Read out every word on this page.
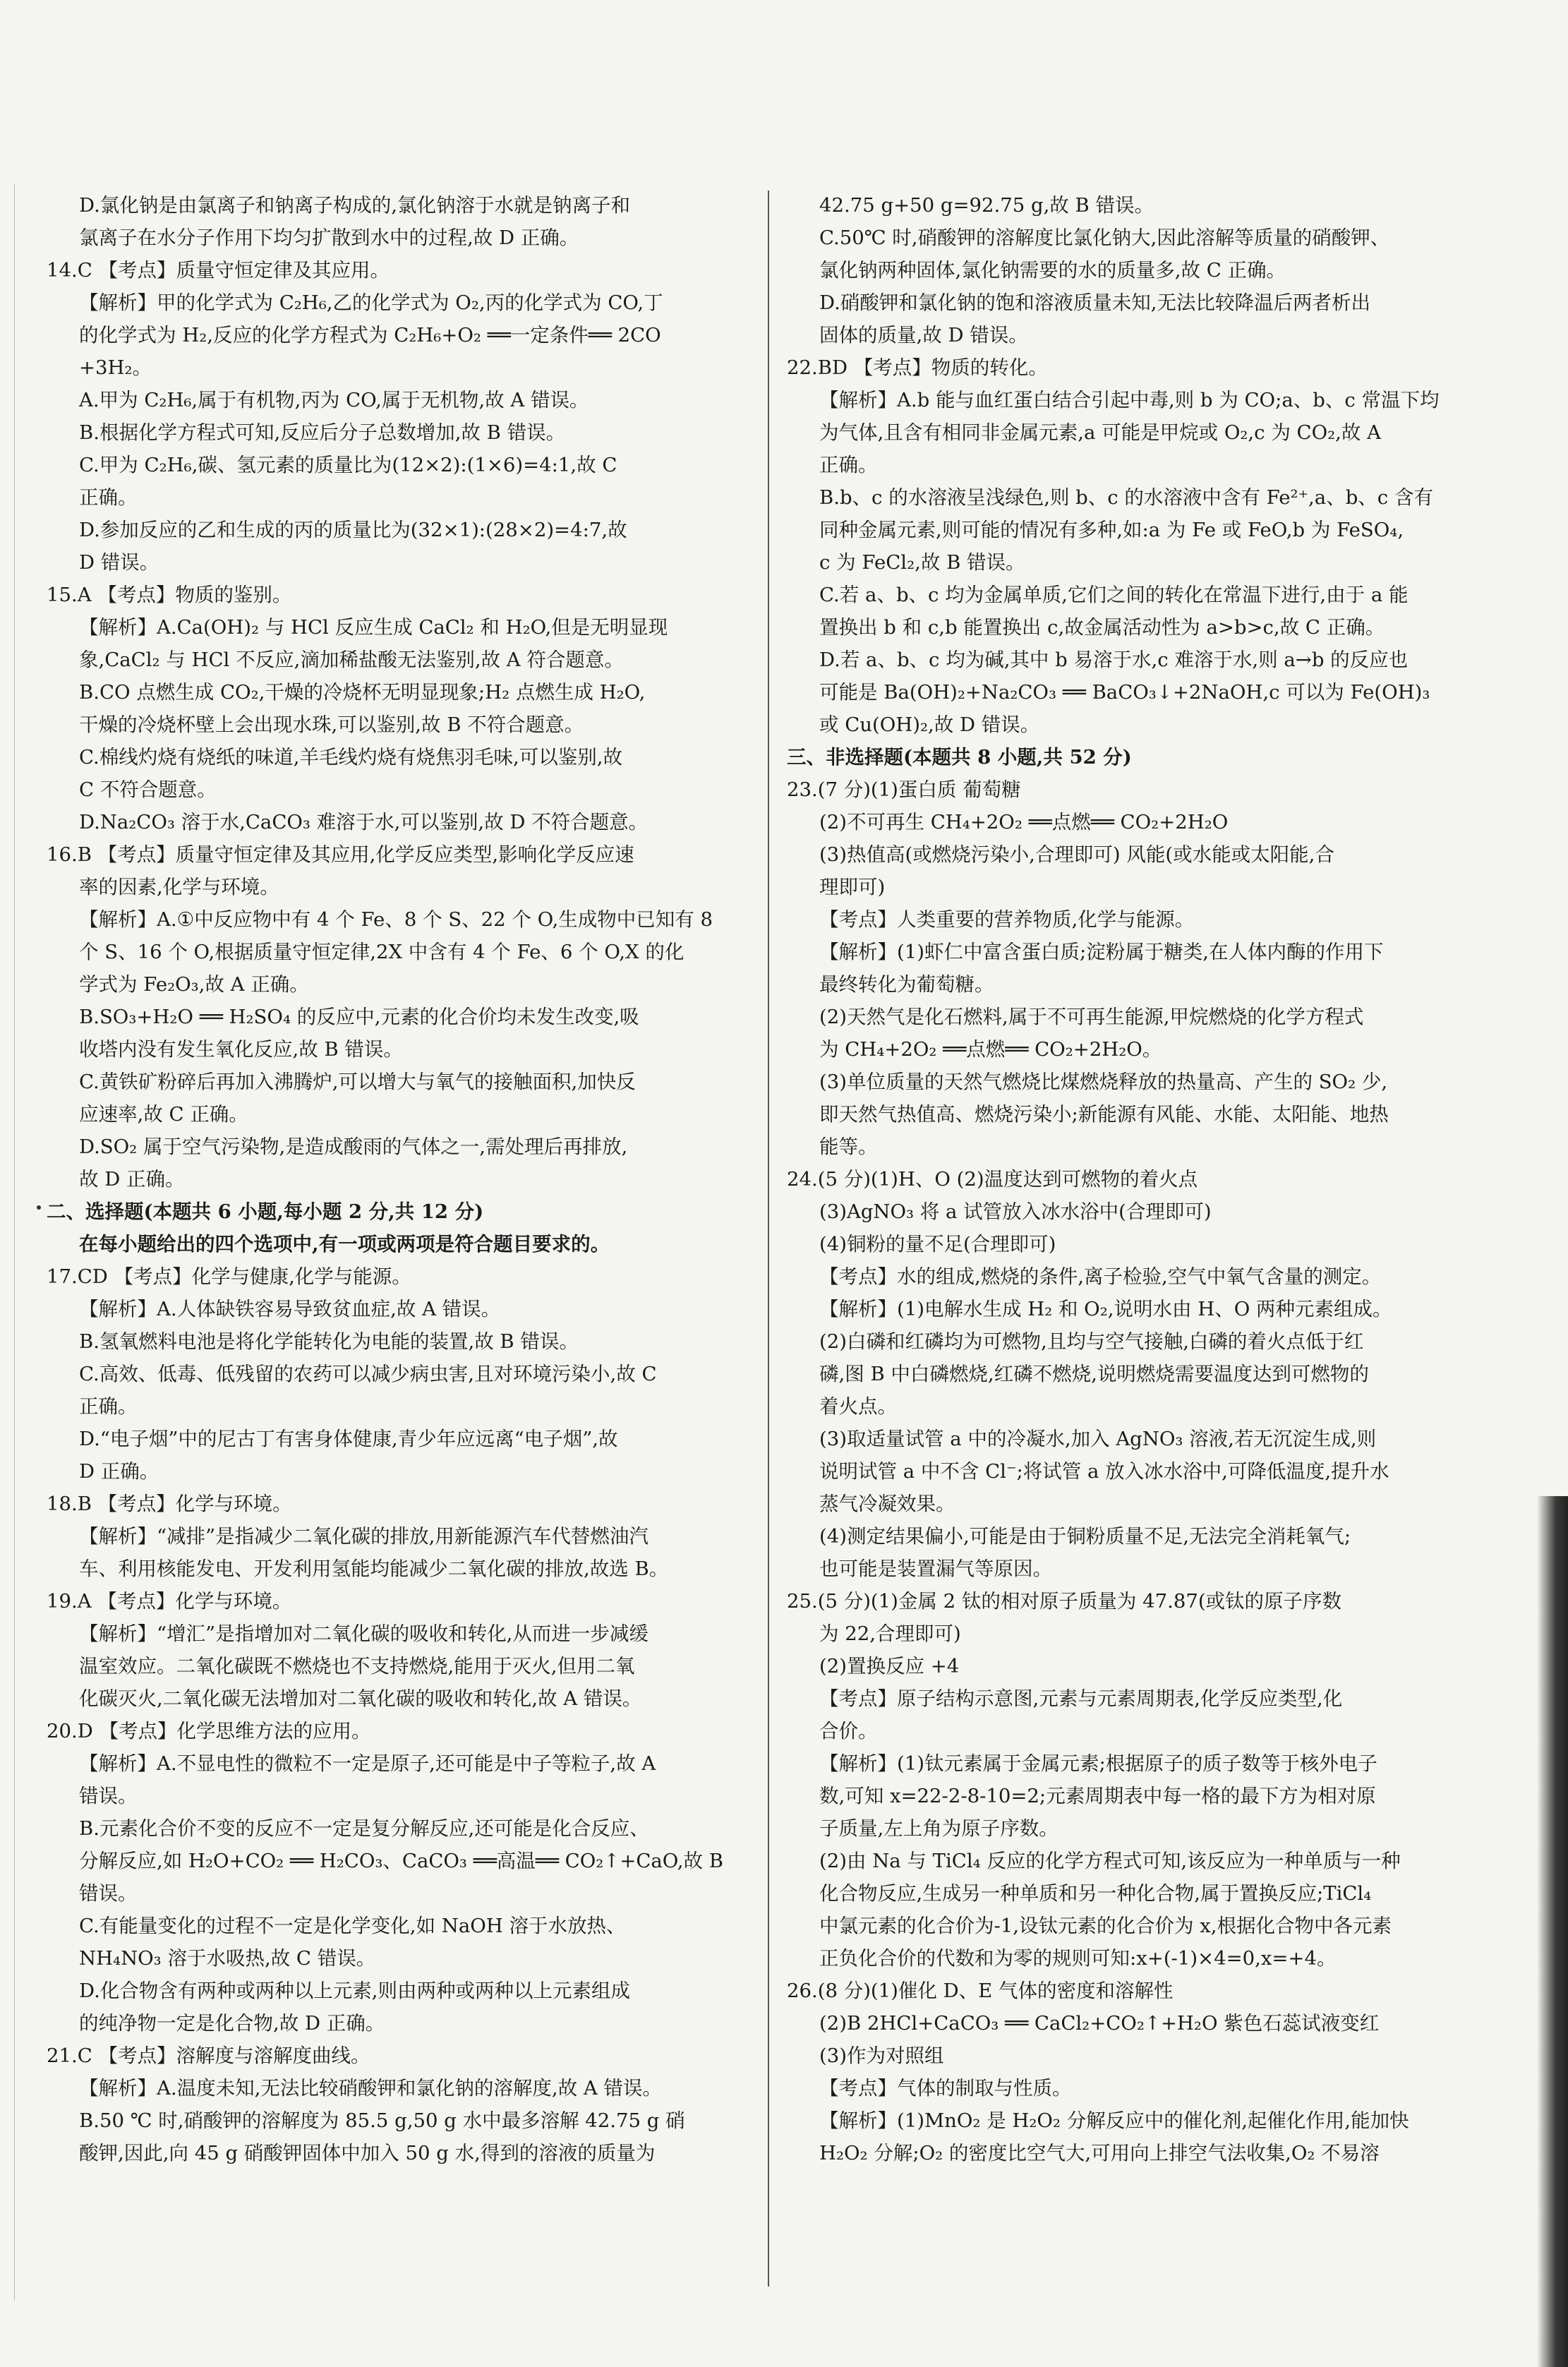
D.氯化钠是由氯离子和钠离子构成的,氯化钠溶于水就是钠离子和

氯离子在水分子作用下均匀扩散到水中的过程,故 D 正确。

14.C 【考点】质量守恒定律及其应用。

【解析】甲的化学式为 C₂H₆,乙的化学式为 O₂,丙的化学式为 CO,丁

的化学式为 H₂,反应的化学方程式为 C₂H₆+O₂ ══一定条件══ 2CO

+3H₂。

A.甲为 C₂H₆,属于有机物,丙为 CO,属于无机物,故 A 错误。

B.根据化学方程式可知,反应后分子总数增加,故 B 错误。

C.甲为 C₂H₆,碳、氢元素的质量比为(12×2):(1×6)=4:1,故 C

正确。

D.参加反应的乙和生成的丙的质量比为(32×1):(28×2)=4:7,故

D 错误。

15.A 【考点】物质的鉴别。

【解析】A.Ca(OH)₂ 与 HCl 反应生成 CaCl₂ 和 H₂O,但是无明显现

象,CaCl₂ 与 HCl 不反应,滴加稀盐酸无法鉴别,故 A 符合题意。

B.CO 点燃生成 CO₂,干燥的冷烧杯无明显现象;H₂ 点燃生成 H₂O,

干燥的冷烧杯壁上会出现水珠,可以鉴别,故 B 不符合题意。

C.棉线灼烧有烧纸的味道,羊毛线灼烧有烧焦羽毛味,可以鉴别,故

C 不符合题意。

D.Na₂CO₃ 溶于水,CaCO₃ 难溶于水,可以鉴别,故 D 不符合题意。

16.B 【考点】质量守恒定律及其应用,化学反应类型,影响化学反应速

率的因素,化学与环境。

【解析】A.①中反应物中有 4 个 Fe、8 个 S、22 个 O,生成物中已知有 8

个 S、16 个 O,根据质量守恒定律,2X 中含有 4 个 Fe、6 个 O,X 的化

学式为 Fe₂O₃,故 A 正确。

B.SO₃+H₂O ══ H₂SO₄ 的反应中,元素的化合价均未发生改变,吸

收塔内没有发生氧化反应,故 B 错误。

C.黄铁矿粉碎后再加入沸腾炉,可以增大与氧气的接触面积,加快反

应速率,故 C 正确。

D.SO₂ 属于空气污染物,是造成酸雨的气体之一,需处理后再排放,

故 D 正确。

二、选择题(本题共 6 小题,每小题 2 分,共 12 分)

在每小题给出的四个选项中,有一项或两项是符合题目要求的。

17.CD 【考点】化学与健康,化学与能源。

【解析】A.人体缺铁容易导致贫血症,故 A 错误。

B.氢氧燃料电池是将化学能转化为电能的装置,故 B 错误。

C.高效、低毒、低残留的农药可以减少病虫害,且对环境污染小,故 C

正确。

D.“电子烟”中的尼古丁有害身体健康,青少年应远离“电子烟”,故

D 正确。

18.B 【考点】化学与环境。

【解析】“减排”是指减少二氧化碳的排放,用新能源汽车代替燃油汽

车、利用核能发电、开发利用氢能均能减少二氧化碳的排放,故选 B。

19.A 【考点】化学与环境。

【解析】“增汇”是指增加对二氧化碳的吸收和转化,从而进一步减缓

温室效应。二氧化碳既不燃烧也不支持燃烧,能用于灭火,但用二氧

化碳灭火,二氧化碳无法增加对二氧化碳的吸收和转化,故 A 错误。

20.D 【考点】化学思维方法的应用。

【解析】A.不显电性的微粒不一定是原子,还可能是中子等粒子,故 A

错误。

B.元素化合价不变的反应不一定是复分解反应,还可能是化合反应、

分解反应,如 H₂O+CO₂ ══ H₂CO₃、CaCO₃ ══高温══ CO₂↑+CaO,故 B

错误。

C.有能量变化的过程不一定是化学变化,如 NaOH 溶于水放热、

NH₄NO₃ 溶于水吸热,故 C 错误。

D.化合物含有两种或两种以上元素,则由两种或两种以上元素组成

的纯净物一定是化合物,故 D 正确。

21.C 【考点】溶解度与溶解度曲线。

【解析】A.温度未知,无法比较硝酸钾和氯化钠的溶解度,故 A 错误。

B.50 ℃ 时,硝酸钾的溶解度为 85.5 g,50 g 水中最多溶解 42.75 g 硝

酸钾,因此,向 45 g 硝酸钾固体中加入 50 g 水,得到的溶液的质量为

42.75 g+50 g=92.75 g,故 B 错误。

C.50℃ 时,硝酸钾的溶解度比氯化钠大,因此溶解等质量的硝酸钾、

氯化钠两种固体,氯化钠需要的水的质量多,故 C 正确。

D.硝酸钾和氯化钠的饱和溶液质量未知,无法比较降温后两者析出

固体的质量,故 D 错误。

22.BD 【考点】物质的转化。

【解析】A.b 能与血红蛋白结合引起中毒,则 b 为 CO;a、b、c 常温下均

为气体,且含有相同非金属元素,a 可能是甲烷或 O₂,c 为 CO₂,故 A

正确。

B.b、c 的水溶液呈浅绿色,则 b、c 的水溶液中含有 Fe²⁺,a、b、c 含有

同种金属元素,则可能的情况有多种,如:a 为 Fe 或 FeO,b 为 FeSO₄,

c 为 FeCl₂,故 B 错误。

C.若 a、b、c 均为金属单质,它们之间的转化在常温下进行,由于 a 能

置换出 b 和 c,b 能置换出 c,故金属活动性为 a>b>c,故 C 正确。

D.若 a、b、c 均为碱,其中 b 易溶于水,c 难溶于水,则 a→b 的反应也

可能是 Ba(OH)₂+Na₂CO₃ ══ BaCO₃↓+2NaOH,c 可以为 Fe(OH)₃

或 Cu(OH)₂,故 D 错误。

三、非选择题(本题共 8 小题,共 52 分)

23.(7 分)(1)蛋白质 葡萄糖

(2)不可再生 CH₄+2O₂ ══点燃══ CO₂+2H₂O

(3)热值高(或燃烧污染小,合理即可) 风能(或水能或太阳能,合

理即可)

【考点】人类重要的营养物质,化学与能源。

【解析】(1)虾仁中富含蛋白质;淀粉属于糖类,在人体内酶的作用下

最终转化为葡萄糖。

(2)天然气是化石燃料,属于不可再生能源,甲烷燃烧的化学方程式

为 CH₄+2O₂ ══点燃══ CO₂+2H₂O。

(3)单位质量的天然气燃烧比煤燃烧释放的热量高、产生的 SO₂ 少,

即天然气热值高、燃烧污染小;新能源有风能、水能、太阳能、地热

能等。

24.(5 分)(1)H、O (2)温度达到可燃物的着火点

(3)AgNO₃ 将 a 试管放入冰水浴中(合理即可)

(4)铜粉的量不足(合理即可)

【考点】水的组成,燃烧的条件,离子检验,空气中氧气含量的测定。

【解析】(1)电解水生成 H₂ 和 O₂,说明水由 H、O 两种元素组成。

(2)白磷和红磷均为可燃物,且均与空气接触,白磷的着火点低于红

磷,图 B 中白磷燃烧,红磷不燃烧,说明燃烧需要温度达到可燃物的

着火点。

(3)取适量试管 a 中的冷凝水,加入 AgNO₃ 溶液,若无沉淀生成,则

说明试管 a 中不含 Cl⁻;将试管 a 放入冰水浴中,可降低温度,提升水

蒸气冷凝效果。

(4)测定结果偏小,可能是由于铜粉质量不足,无法完全消耗氧气;

也可能是装置漏气等原因。

25.(5 分)(1)金属 2 钛的相对原子质量为 47.87(或钛的原子序数

为 22,合理即可)

(2)置换反应 +4

【考点】原子结构示意图,元素与元素周期表,化学反应类型,化

合价。

【解析】(1)钛元素属于金属元素;根据原子的质子数等于核外电子

数,可知 x=22-2-8-10=2;元素周期表中每一格的最下方为相对原

子质量,左上角为原子序数。

(2)由 Na 与 TiCl₄ 反应的化学方程式可知,该反应为一种单质与一种

化合物反应,生成另一种单质和另一种化合物,属于置换反应;TiCl₄

中氯元素的化合价为-1,设钛元素的化合价为 x,根据化合物中各元素

正负化合价的代数和为零的规则可知:x+(-1)×4=0,x=+4。

26.(8 分)(1)催化 D、E 气体的密度和溶解性

(2)B 2HCl+CaCO₃ ══ CaCl₂+CO₂↑+H₂O 紫色石蕊试液变红

(3)作为对照组

【考点】气体的制取与性质。

【解析】(1)MnO₂ 是 H₂O₂ 分解反应中的催化剂,起催化作用,能加快

H₂O₂ 分解;O₂ 的密度比空气大,可用向上排空气法收集,O₂ 不易溶
